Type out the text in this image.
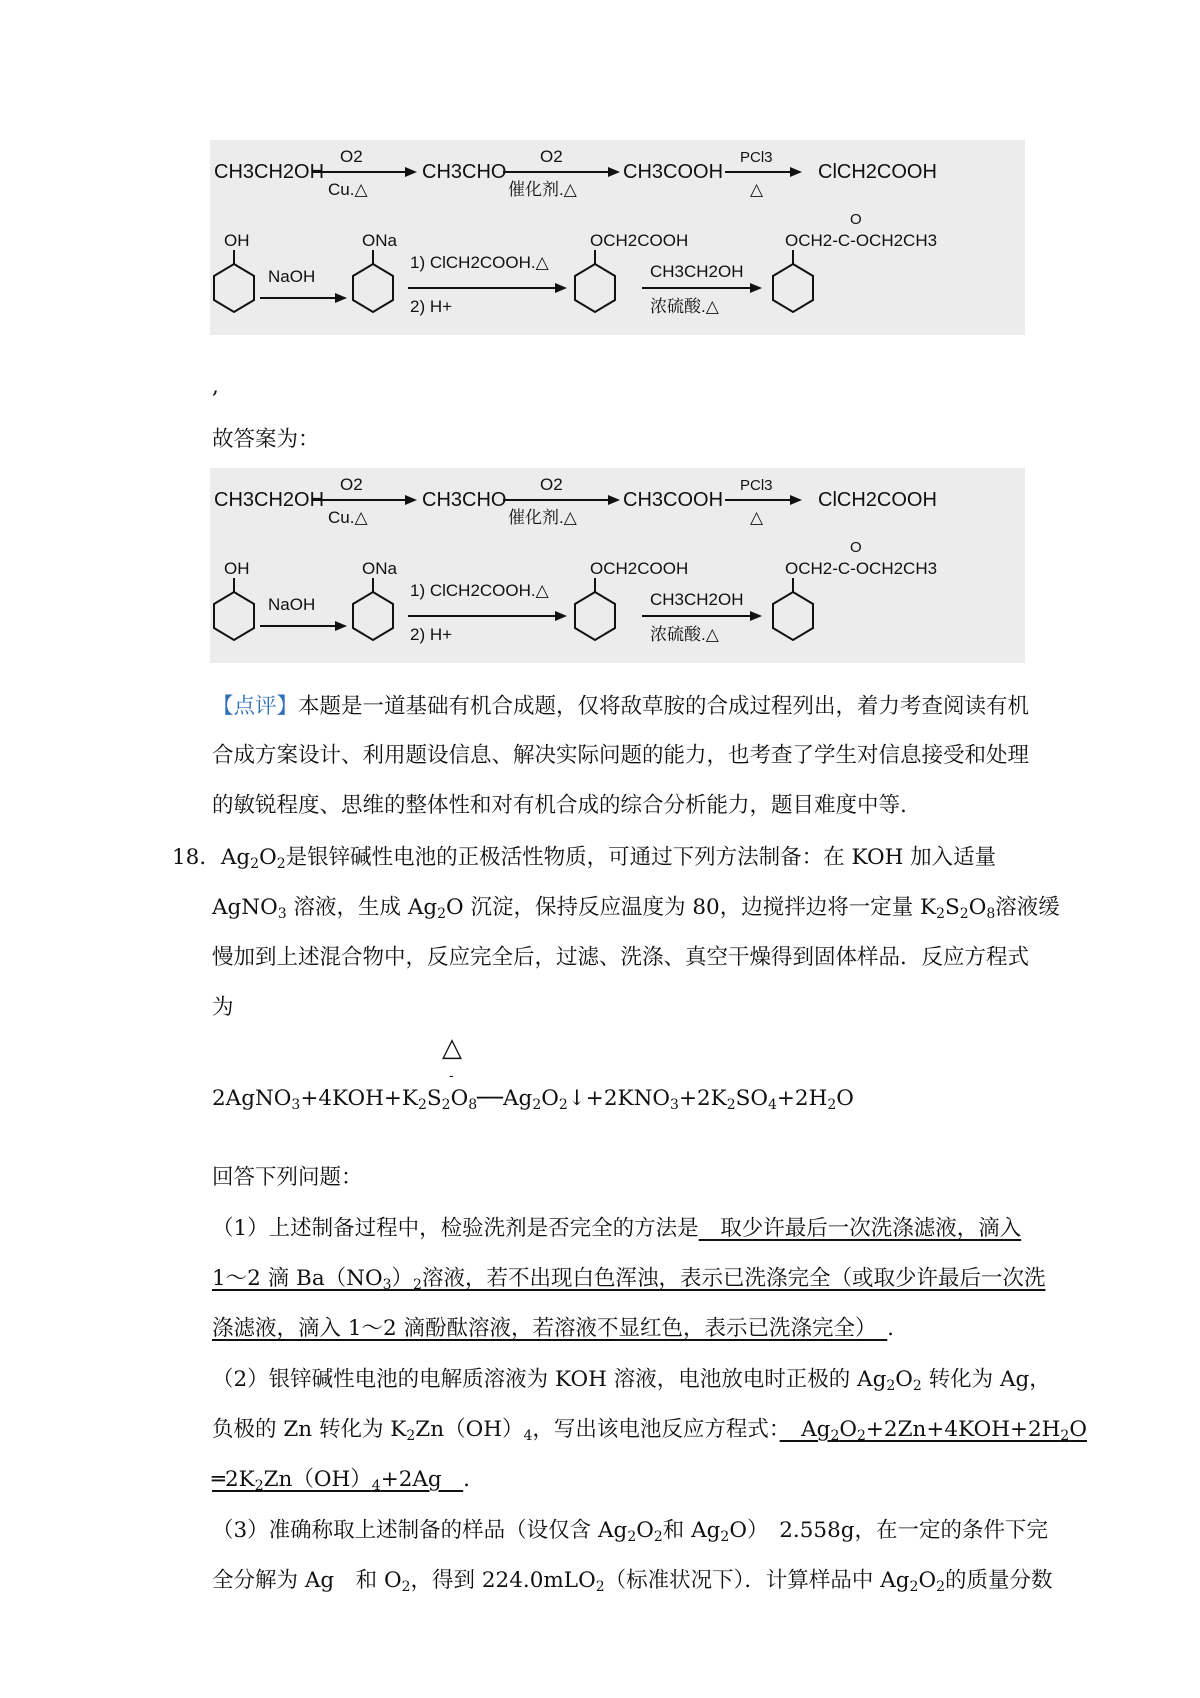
CH3CH2OH
O2
Cu.△
CH3CHO
O2
催化剂.△
CH3COOH
PCl3
△
ClCH2COOH
OH
NaOH
ONa
1) ClCH2COOH.△
2) H+
OCH2COOH
CH3CH2OH
浓硫酸.△
O
OCH2-C-OCH2CH3
,
故答案为：
CH3CH2OH
O2
Cu.△
CH3CHO
O2
催化剂.△
CH3COOH
PCl3
△
ClCH2COOH
OH
NaOH
ONa
1) ClCH2COOH.△
2) H+
OCH2COOH
CH3CH2OH
浓硫酸.△
O
OCH2-C-OCH2CH3
【点评】本题是一道基础有机合成题，仅将敌草胺的合成过程列出，着力考查阅读有机
合成方案设计、利用题设信息、解决实际问题的能力，也考查了学生对信息接受和处理
的敏锐程度、思维的整体性和对有机合成的综合分析能力，题目难度中等.
18．$Ag_2O_2$是银锌碱性电池的正极活性物质，可通过下列方法制备：在 KOH 加入适量
AgNO$_3$ 溶液，生成 $Ag_2O$ 沉淀，保持反应温度为 80，边搅拌边将一定量 $K_2S_2O_8$溶液缓
慢加到上述混合物中，反应完全后，过滤、洗涤、真空干燥得到固体样品．反应方程式
为
△
-
$2AgNO_3+4KOH+K_2S_2O_8──Ag_2O_2↓+2KNO_3+2K_2SO_4+2H_2O$
回答下列问题：
（1）上述制备过程中，检验洗剂是否完全的方法是　取少许最后一次洗涤滤液，滴入
1～2 滴 $Ba(NO_3)_2$溶液，若不出现白色浑浊，表示已洗涤完全（或取少许最后一次洗
涤滤液，滴入 1～2 滴酚酞溶液，若溶液不显红色，表示已洗涤完全）　．
（2）银锌碱性电池的电解质溶液为 KOH 溶液，电池放电时正极的 $Ag_2O_2$ 转化为 Ag，
负极的 Zn 转化为 $K_2Zn(OH)_4$，写出该电池反应方程式：　$Ag_2O_2+2Zn+4KOH+2H_2O$
$═2K_2Zn(OH)_4+2Ag$　．
（3）准确称取上述制备的样品（设仅含 $Ag_2O_2$和 $Ag_2O$）　2.558g，在一定的条件下完
全分解为 Ag　和 $O_2$，得到 224.0mLO$_2$（标准状况下）．计算样品中 $Ag_2O_2$的质量分数
